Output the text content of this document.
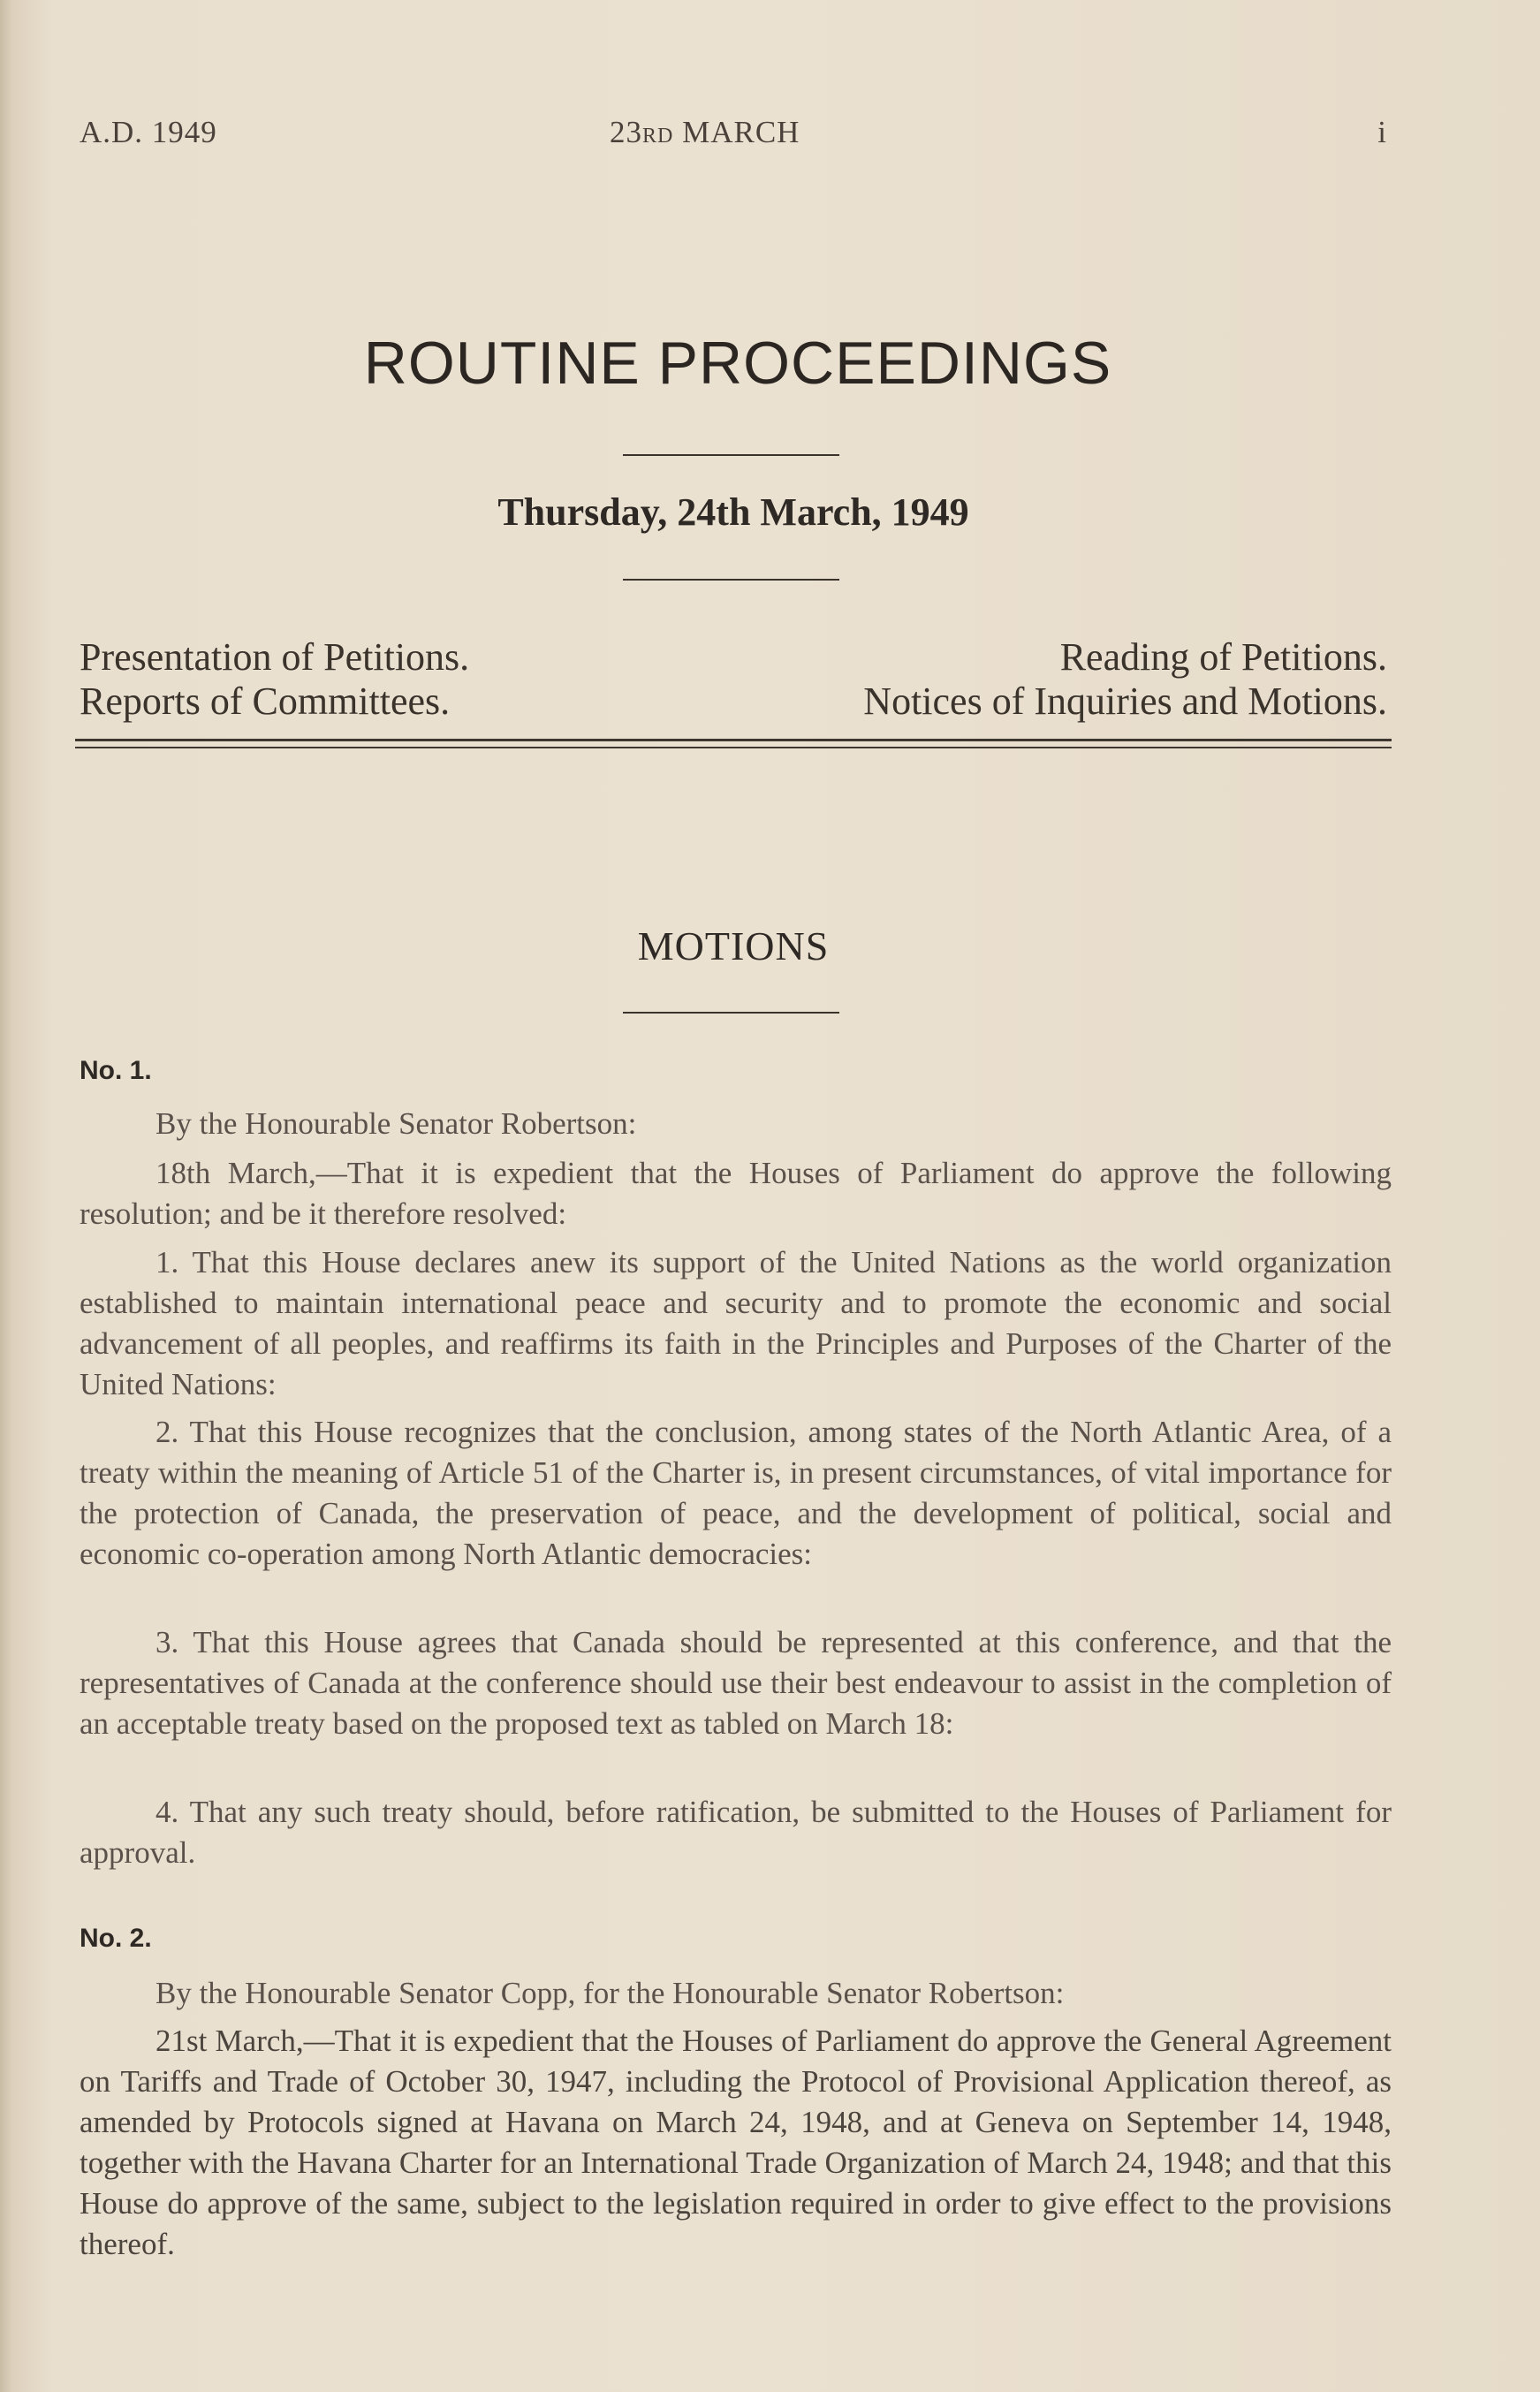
A.D. 1949	23RD MARCH	i
ROUTINE PROCEEDINGS
Thursday, 24th March, 1949
Presentation of Petitions.	Reading of Petitions.
Reports of Committees.	Notices of Inquiries and Motions.
MOTIONS
No. 1.
By the Honourable Senator Robertson:
18th March,—That it is expedient that the Houses of Parliament do approve the following resolution; and be it therefore resolved:
1. That this House declares anew its support of the United Nations as the world organization established to maintain international peace and security and to promote the economic and social advancement of all peoples, and reaffirms its faith in the Principles and Purposes of the Charter of the United Nations:
2. That this House recognizes that the conclusion, among states of the North Atlantic Area, of a treaty within the meaning of Article 51 of the Charter is, in present circumstances, of vital importance for the protection of Canada, the preservation of peace, and the development of political, social and economic co-operation among North Atlantic democracies:
3. That this House agrees that Canada should be represented at this conference, and that the representatives of Canada at the conference should use their best endeavour to assist in the completion of an acceptable treaty based on the proposed text as tabled on March 18:
4. That any such treaty should, before ratification, be submitted to the Houses of Parliament for approval.
No. 2.
By the Honourable Senator Copp, for the Honourable Senator Robertson:
21st March,—That it is expedient that the Houses of Parliament do approve the General Agreement on Tariffs and Trade of October 30, 1947, including the Protocol of Provisional Application thereof, as amended by Protocols signed at Havana on March 24, 1948, and at Geneva on September 14, 1948, together with the Havana Charter for an International Trade Organization of March 24, 1948; and that this House do approve of the same, subject to the legislation required in order to give effect to the provisions thereof.
